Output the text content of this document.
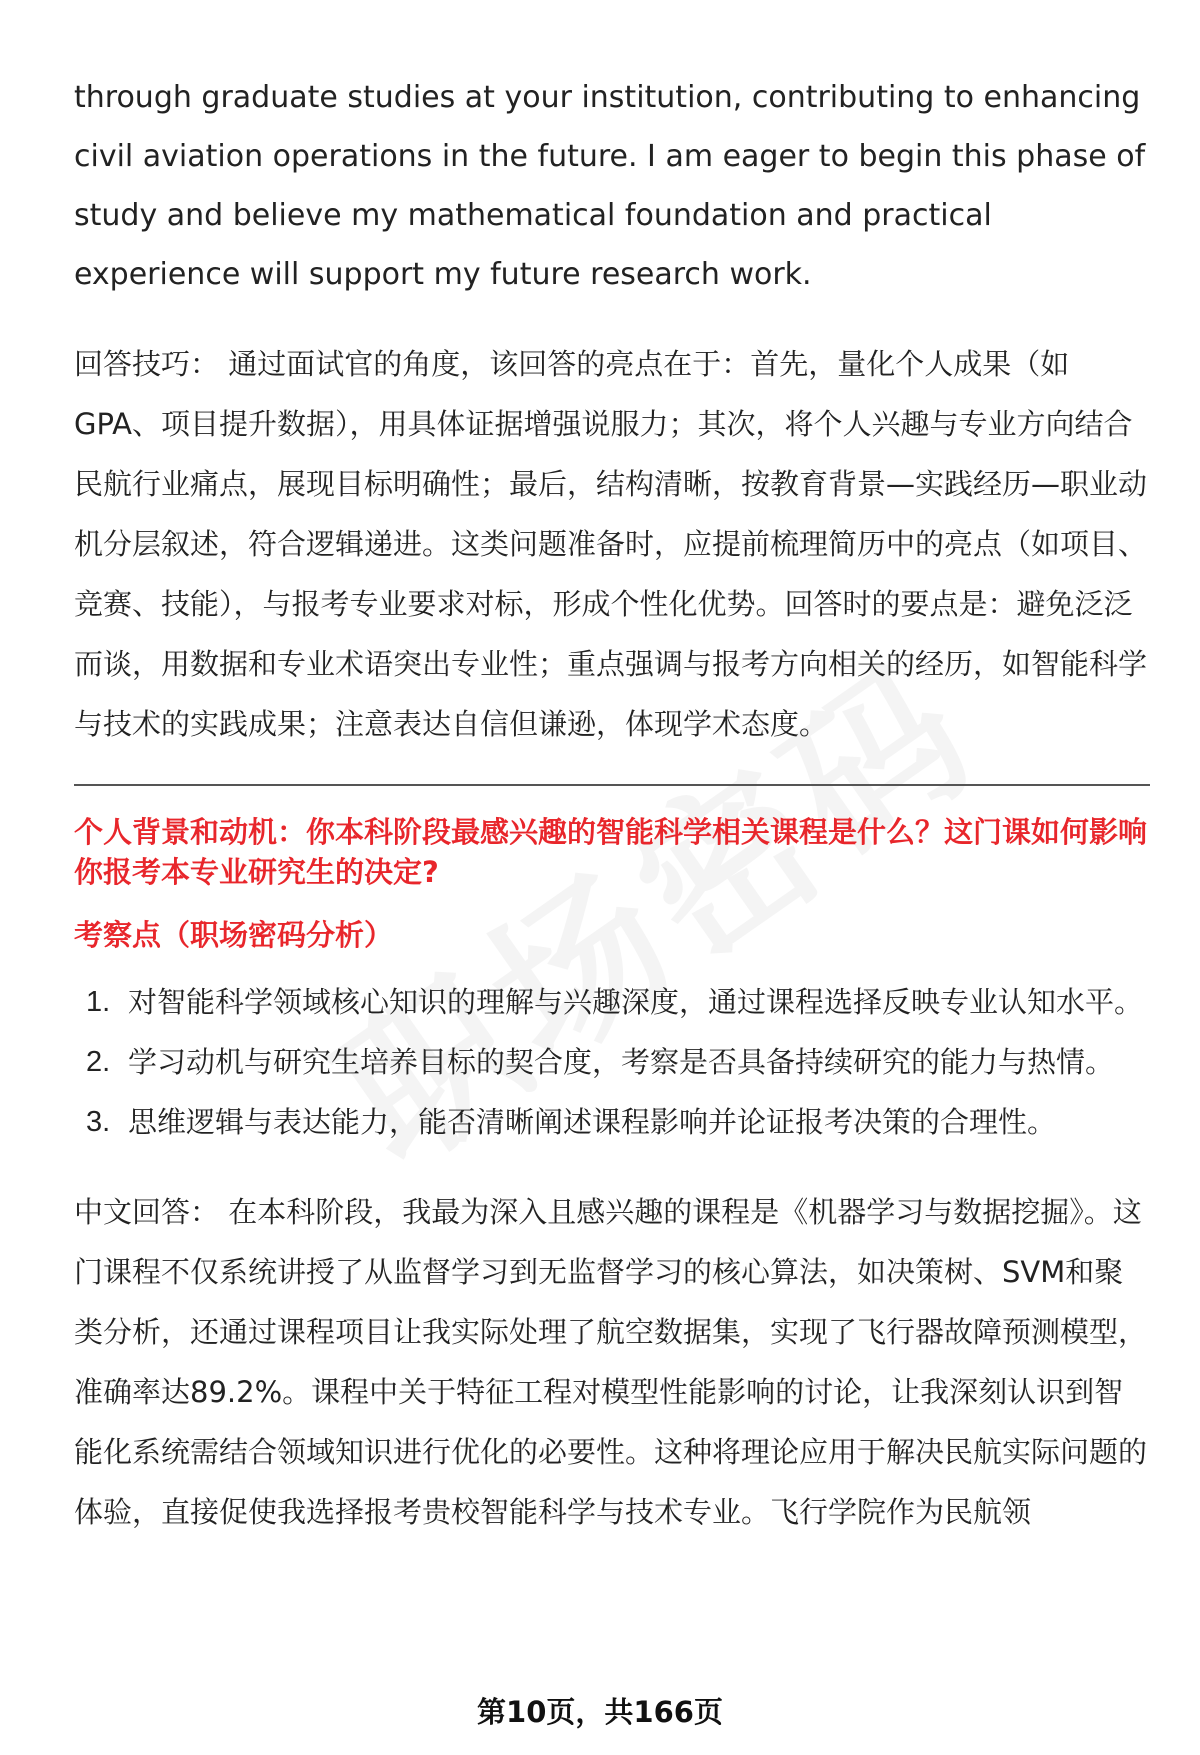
through graduate studies at your institution, contributing to enhancing civil aviation operations in the future. I am eager to begin this phase of study and believe my mathematical foundation and practical experience will support my future research work.

回答技巧： 通过面试官的角度，该回答的亮点在于：首先，量化个人成果（如GPA、项目提升数据），用具体证据增强说服力；其次，将个人兴趣与专业方向结合民航行业痛点，展现目标明确性；最后，结构清晰，按教育背景—实践经历—职业动机分层叙述，符合逻辑递进。这类问题准备时，应提前梳理简历中的亮点（如项目、竞赛、技能），与报考专业要求对标，形成个性化优势。回答时的要点是：避免泛泛而谈，用数据和专业术语突出专业性；重点强调与报考方向相关的经历，如智能科学与技术的实践成果；注意表达自信但谦逊，体现学术态度。

个人背景和动机：你本科阶段最感兴趣的智能科学相关课程是什么？这门课如何影响你报考本专业研究生的决定?

考察点（职场密码分析）

1. 对智能科学领域核心知识的理解与兴趣深度，通过课程选择反映专业认知水平。
2. 学习动机与研究生培养目标的契合度，考察是否具备持续研究的能力与热情。
3. 思维逻辑与表达能力，能否清晰阐述课程影响并论证报考决策的合理性。

中文回答： 在本科阶段，我最为深入且感兴趣的课程是《机器学习与数据挖掘》。这门课程不仅系统讲授了从监督学习到无监督学习的核心算法，如决策树、SVM和聚类分析，还通过课程项目让我实际处理了航空数据集，实现了飞行器故障预测模型，准确率达89.2%。课程中关于特征工程对模型性能影响的讨论，让我深刻认识到智能化系统需结合领域知识进行优化的必要性。这种将理论应用于解决民航实际问题的体验，直接促使我选择报考贵校智能科学与技术专业。飞行学院作为民航领

第10页，共166页
